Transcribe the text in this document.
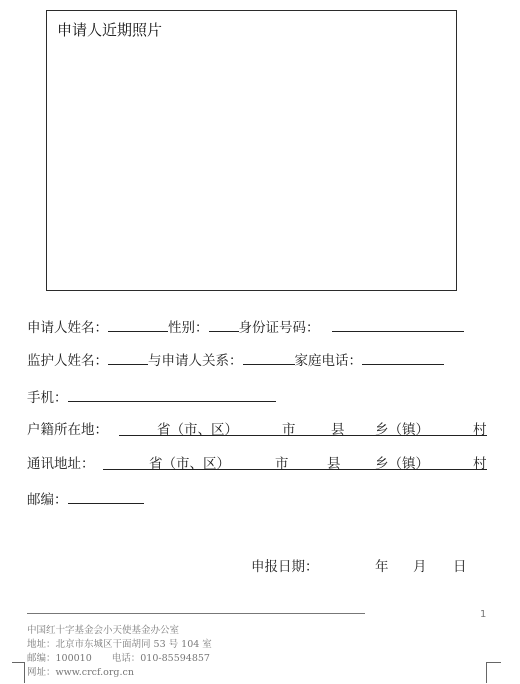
申请人近期照片
申请人姓名：	性别： 身份证号码：
监护人姓名：	与申请人关系：	家庭电话：
手机：
户籍所在地：	省（市、区）	市	县 乡（镇）	村
通讯地址：	省（市、区）	市	县	乡（镇）	村
邮编：
申报日期：	年 月 日
1
中国红十字基金会小天使基金办公室
地址：北京市东城区干面胡同 53 号 104 室
邮编：100010 电话：010-85594857
网址：www.crcf.org.cn
